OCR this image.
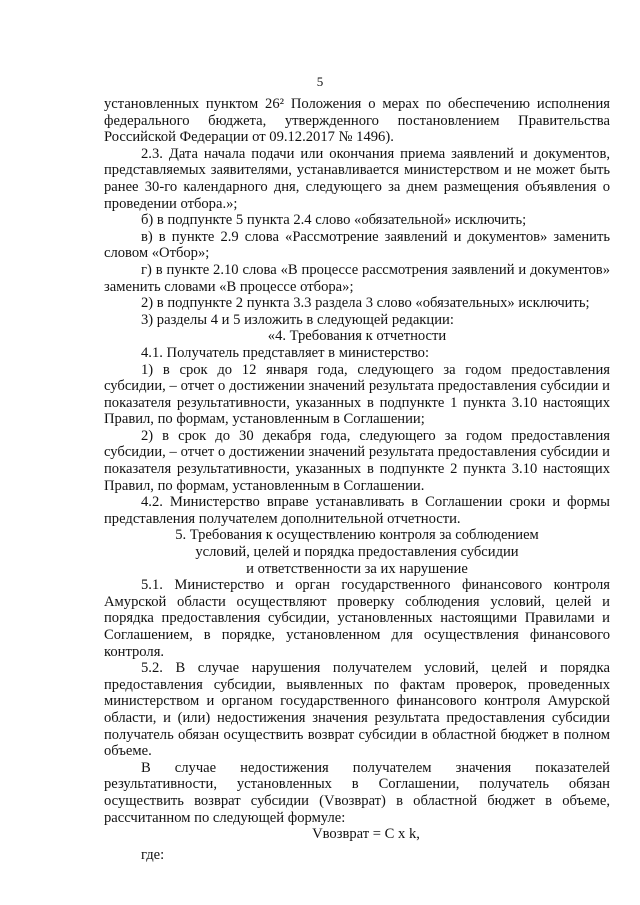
5

установленных пунктом 26² Положения о мерах по обеспечению исполнения федерального бюджета, утвержденного постановлением Правительства Российской Федерации от 09.12.2017 № 1496).

2.3. Дата начала подачи или окончания приема заявлений и документов, представляемых заявителями, устанавливается министерством и не может быть ранее 30-го календарного дня, следующего за днем размещения объявления о проведении отбора.»;

б) в подпункте 5 пункта 2.4 слово «обязательной» исключить;

в) в пункте 2.9 слова «Рассмотрение заявлений и документов» заменить словом «Отбор»;

г) в пункте 2.10 слова «В процессе рассмотрения заявлений и документов» заменить словами «В процессе отбора»;

2) в подпункте 2 пункта 3.3 раздела 3 слово «обязательных» исключить;

3) разделы 4 и 5 изложить в следующей редакции:

«4. Требования к отчетности

4.1. Получатель представляет в министерство:

1) в срок до 12 января года, следующего за годом предоставления субсидии, – отчет о достижении значений результата предоставления субсидии и показателя результативности, указанных в подпункте 1 пункта 3.10 настоящих Правил, по формам, установленным в Соглашении;

2) в срок до 30 декабря года, следующего за годом предоставления субсидии, – отчет о достижении значений результата предоставления субсидии и показателя результативности, указанных в подпункте 2 пункта 3.10 настоящих Правил, по формам, установленным в Соглашении.

4.2. Министерство вправе устанавливать в Соглашении сроки и формы представления получателем дополнительной отчетности.

5. Требования к осуществлению контроля за соблюдением

условий, целей и порядка предоставления субсидии

и ответственности за их нарушение

5.1. Министерство и орган государственного финансового контроля Амурской области осуществляют проверку соблюдения условий, целей и порядка предоставления субсидии, установленных настоящими Правилами и Соглашением, в порядке, установленном для осуществления финансового контроля.

5.2. В случае нарушения получателем условий, целей и порядка предоставления субсидии, выявленных по фактам проверок, проведенных министерством и органом государственного финансового контроля Амурской области, и (или) недостижения значения результата предоставления субсидии получатель обязан осуществить возврат субсидии в областной бюджет в полном объеме.

В случае недостижения получателем значения показателей результативности, установленных в Соглашении, получатель обязан осуществить возврат субсидии (Vвозврат) в областной бюджет в объеме, рассчитанном по следующей формуле:

Vвозврат = C x k,

где:
